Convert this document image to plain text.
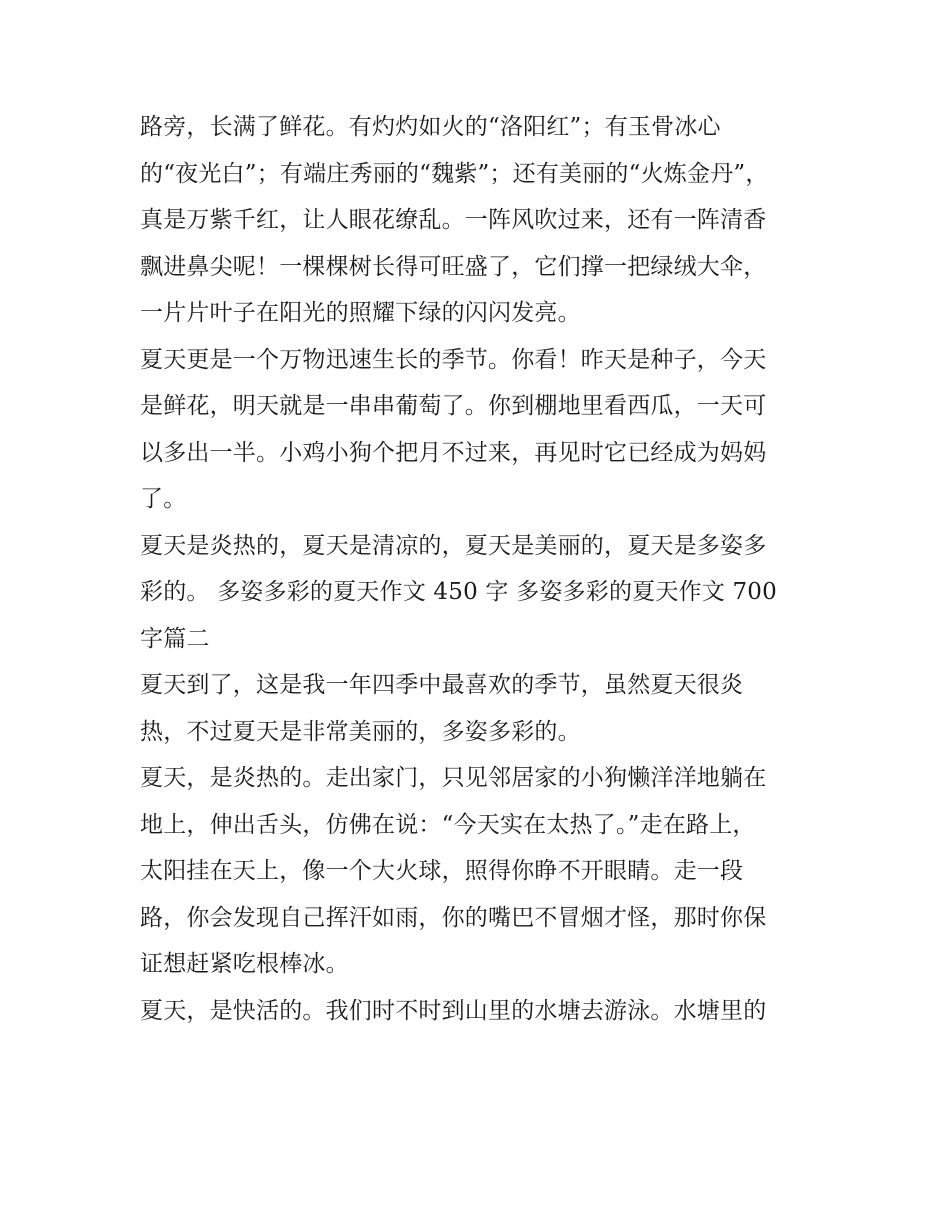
路旁，长满了鲜花。有灼灼如火的“洛阳红”；有玉骨冰心
的“夜光白”；有端庄秀丽的“魏紫”；还有美丽的“火炼金丹”，
真是万紫千红，让人眼花缭乱。一阵风吹过来，还有一阵清香
飘进鼻尖呢！一棵棵树长得可旺盛了，它们撑一把绿绒大伞，
一片片叶子在阳光的照耀下绿的闪闪发亮。
夏天更是一个万物迅速生长的季节。你看！昨天是种子，今天
是鲜花，明天就是一串串葡萄了。你到棚地里看西瓜，一天可
以多出一半。小鸡小狗个把月不过来，再见时它已经成为妈妈
了。
夏天是炎热的，夏天是清凉的，夏天是美丽的，夏天是多姿多
彩的。 多姿多彩的夏天作文 450 字 多姿多彩的夏天作文 700
字篇二
夏天到了，这是我一年四季中最喜欢的季节，虽然夏天很炎
热，不过夏天是非常美丽的，多姿多彩的。
夏天，是炎热的。走出家门，只见邻居家的小狗懒洋洋地躺在
地上，伸出舌头，仿佛在说：“今天实在太热了。”走在路上，
太阳挂在天上，像一个大火球，照得你睁不开眼睛。走一段
路，你会发现自己挥汗如雨，你的嘴巴不冒烟才怪，那时你保
证想赶紧吃根棒冰。
夏天，是快活的。我们时不时到山里的水塘去游泳。水塘里的
